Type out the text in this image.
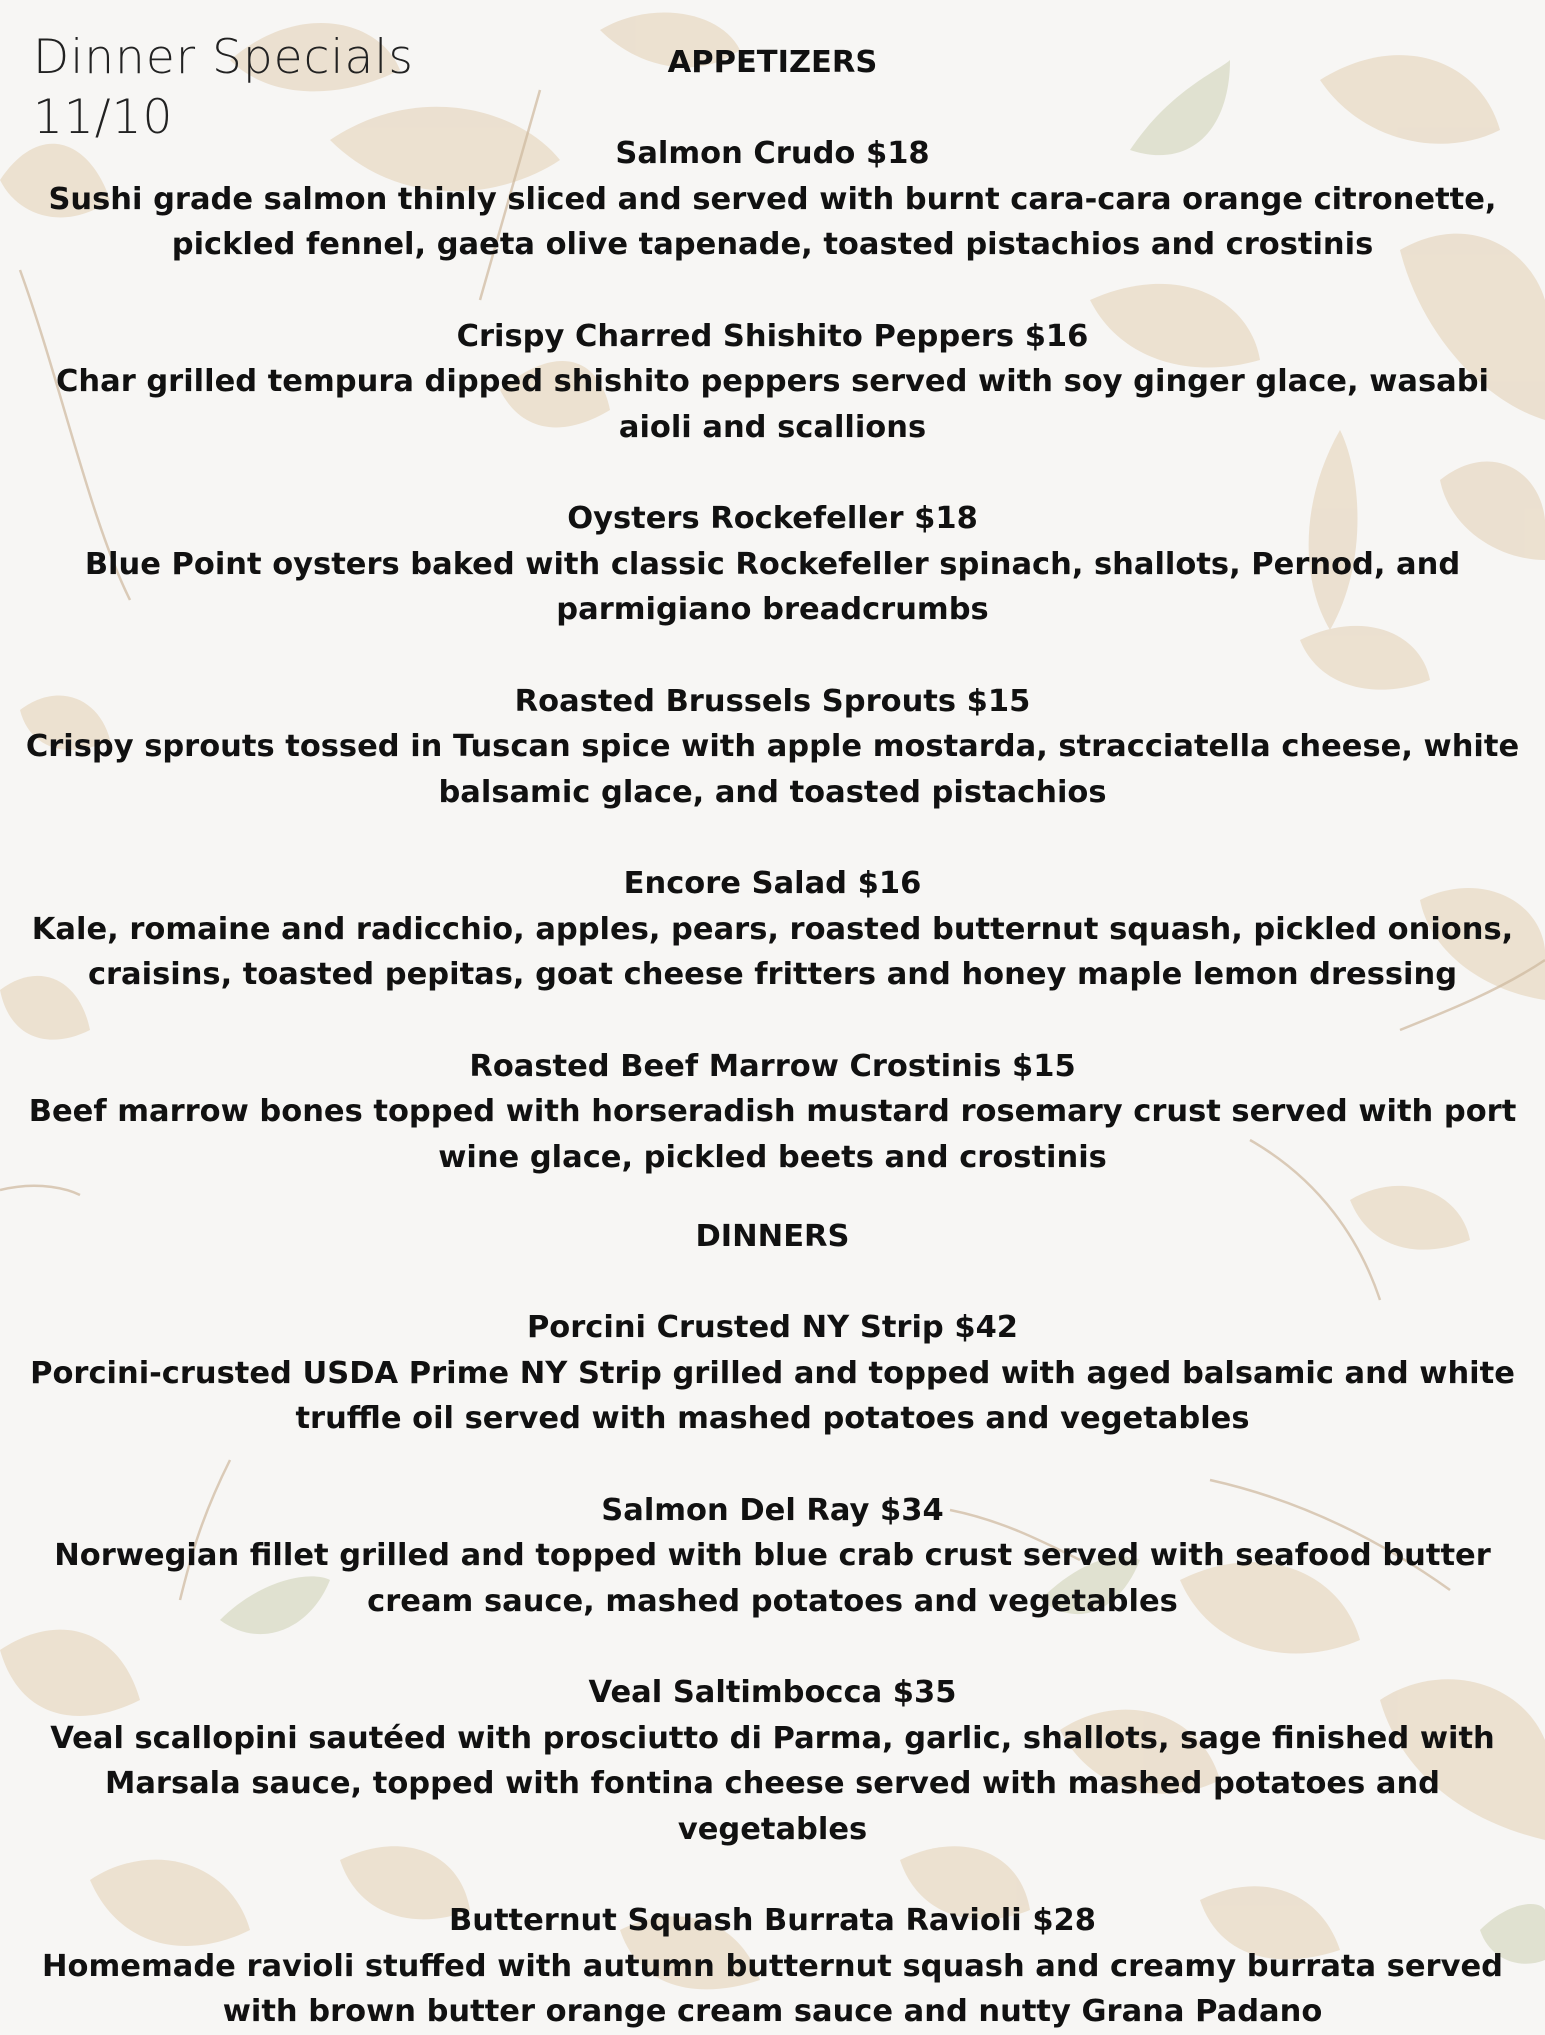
Dinner Specials
11/10
APPETIZERS
Salmon Crudo $18
Sushi grade salmon thinly sliced and served with burnt cara-cara orange citronette, pickled fennel, gaeta olive tapenade, toasted pistachios and crostinis
Crispy Charred Shishito Peppers $16
Char grilled tempura dipped shishito peppers served with soy ginger glace, wasabi aioli and scallions
Oysters Rockefeller $18
Blue Point oysters baked with classic Rockefeller spinach, shallots, Pernod, and parmigiano breadcrumbs
Roasted Brussels Sprouts $15
Crispy sprouts tossed in Tuscan spice with apple mostarda, stracciatella cheese, white balsamic glace, and toasted pistachios
Encore Salad $16
Kale, romaine and radicchio, apples, pears, roasted butternut squash, pickled onions, craisins, toasted pepitas, goat cheese fritters and honey maple lemon dressing
Roasted Beef Marrow Crostinis $15
Beef marrow bones topped with horseradish mustard rosemary crust served with port wine glace, pickled beets and crostinis
DINNERS
Porcini Crusted NY Strip $42
Porcini-crusted USDA Prime NY Strip grilled and topped with aged balsamic and white truffle oil served with mashed potatoes and vegetables
Salmon Del Ray $34
Norwegian fillet grilled and topped with blue crab crust served with seafood butter cream sauce, mashed potatoes and vegetables
Veal Saltimbocca $35
Veal scallopini sautéed with prosciutto di Parma, garlic, shallots, sage finished with Marsala sauce, topped with fontina cheese served with mashed potatoes and vegetables
Butternut Squash Burrata Ravioli $28
Homemade ravioli stuffed with autumn butternut squash and creamy burrata served with brown butter orange cream sauce and nutty Grana Padano
